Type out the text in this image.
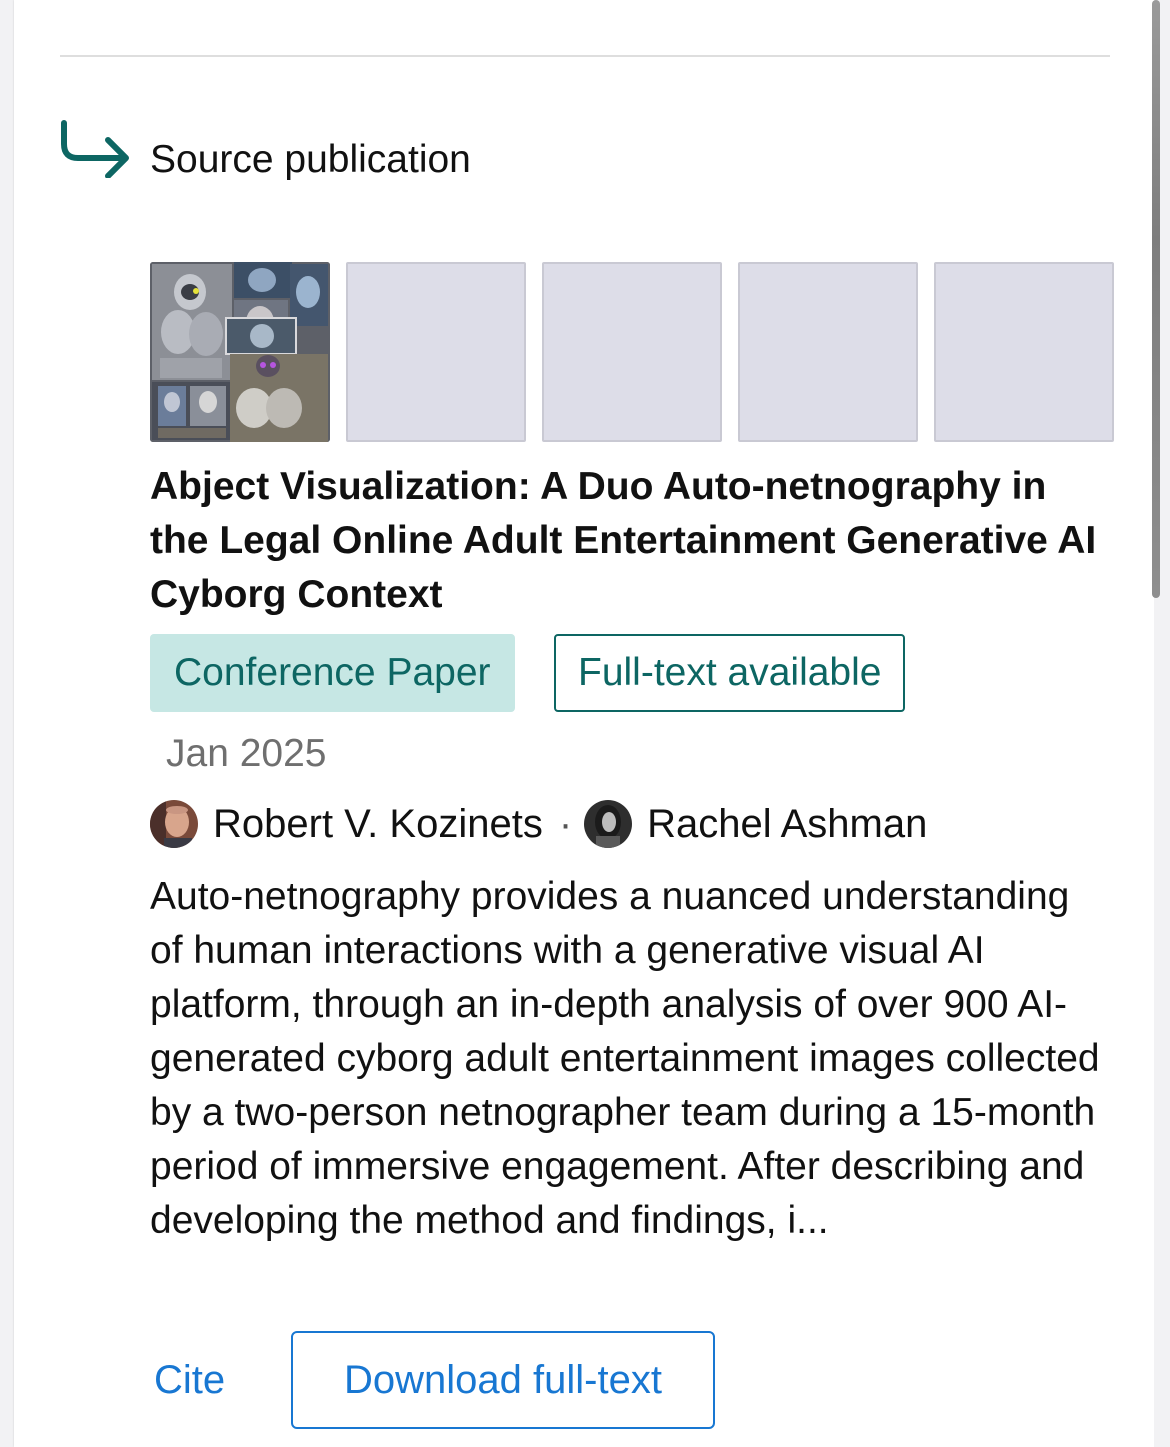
Source publication
Abject Visualization: A Duo Auto-netnography in the Legal Online Adult Entertainment Generative AI Cyborg Context
Conference Paper	Full-text available
Jan 2025
Robert V. Kozinets · Rachel Ashman
Auto-netnography provides a nuanced understanding of human interactions with a generative visual AI platform, through an in-depth analysis of over 900 AI-generated cyborg adult entertainment images collected by a two-person netnographer team during a 15-month period of immersive engagement. After describing and developing the method and findings, i...
Cite	Download full-text
